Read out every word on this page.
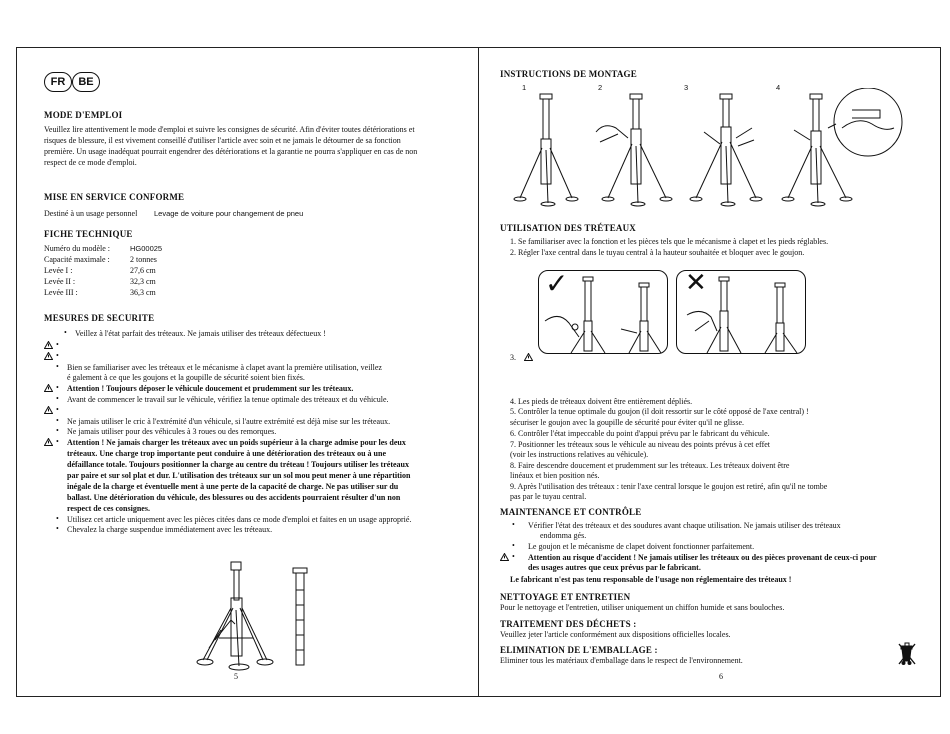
FR	BE
MODE D'EMPLOI
Veuillez lire attentivement le mode d'emploi et suivre les consignes de sécurité. Afin d'éviter toutes détériorations et
risques de blessure, il est vivement conseillé d'utiliser l'article avec soin et ne jamais le détourner de sa fonction
première. Un usage inadéquat pourrait engendrer des détériorations et la garantie ne pourra s'appliquer en cas de non
respect de ce mode d'emploi.
MISE EN SERVICE CONFORME
Destiné à un usage personnel Levage de voiture pour changement de pneu
FICHE TECHNIQUE
Numéro du modèle :	HG00025
Capacité maximale :	2 tonnes
Levée I :	27,6 cm
Levée II :	32,3 cm
Levée III :	36,3 cm
MESURES DE SECURITE
• Veillez à l'état parfait des tréteaux. Ne jamais utiliser des tréteaux défectueux !
•
•
• Bien se familiariser avec les tréteaux et le mécanisme à clapet avant la première utilisation, veillez
é galement à ce que les goujons et la goupille de sécurité soient bien fixés.
• Attention ! Toujours déposer le véhicule doucement et prudemment sur les tréteaux.
• Avant de commencer le travail sur le véhicule, vérifiez la tenue optimale des tréteaux et du véhicule.
•
• Ne jamais utiliser le cric à l'extrémité d'un véhicule, si l'autre extrémité est déjà mise sur les tréteaux.
• Ne jamais utiliser pour des véhicules à 3 roues ou des remorques.
• Attention ! Ne jamais charger les tréteaux avec un poids supérieur à la charge admise pour les deux
tréteaux. Une charge trop importante peut conduire à une détérioration des tréteaux ou à une
défaillance totale. Toujours positionner la charge au centre du tréteau ! Toujours utiliser les tréteaux
par paire et sur sol plat et dur. L'utilisation des tréteaux sur un sol mou peut mener à une répartition
inégale de la charge et éventuelle ment à une perte de la capacité de charge. Ne pas utiliser sur du
ballast. Une détérioration du véhicule, des blessures ou des accidents pourraient résulter d'un non
respect de ces consignes.
• Utilisez cet article uniquement avec les pièces citées dans ce mode d'emploi et faites en un usage approprié.
• Chevalez la charge suspendue immédiatement avec les tréteaux.
5
INSTRUCTIONS DE MONTAGE
1	2	3	4
UTILISATION DES TRÉTEAUX
1. Se familiariser avec la fonction et les pièces tels que le mécanisme à clapet et les pieds réglables.
2. Régler l'axe central dans le tuyau central à la hauteur souhaitée et bloquer avec le goujon.
✓	✕
3.
4. Les pieds de tréteaux doivent être entièrement dépliés.
5. Contrôler la tenue optimale du goujon (il doit ressortir sur le côté opposé de l'axe central) !
sécuriser le goujon avec la goupille de sécurité pour éviter qu'il ne glisse.
6. Contrôler l'état impeccable du point d'appui prévu par le fabricant du véhicule.
7. Positionner les tréteaux sous le véhicule au niveau des points prévus à cet effet
(voir les instructions relatives au véhicule).
8. Faire descendre doucement et prudemment sur les tréteaux. Les tréteaux doivent être
linéaux et bien position nés.
9. Après l'utilisation des tréteaux : tenir l'axe central lorsque le goujon est retiré, afin qu'il ne tombe
pas par le tuyau central.
MAINTENANCE ET CONTRÔLE
• Vérifier l'état des tréteaux et des soudures avant chaque utilisation. Ne jamais utiliser des tréteaux
endomma gés.
• Le goujon et le mécanisme de clapet doivent fonctionner parfaitement.
• Attention au risque d'accident ! Ne jamais utiliser les tréteaux ou des pièces provenant de ceux-ci pour
des usages autres que ceux prévus par le fabricant.
Le fabricant n'est pas tenu responsable de l'usage non réglementaire des tréteaux !
NETTOYAGE ET ENTRETIEN
Pour le nettoyage et l'entretien, utiliser uniquement un chiffon humide et sans bouloches.
TRAITEMENT DES DÉCHETS :
Veuillez jeter l'article conformément aux dispositions officielles locales.
ELIMINATION DE L'EMBALLAGE :
Eliminer tous les matériaux d'emballage dans le respect de l'environnement.
6
